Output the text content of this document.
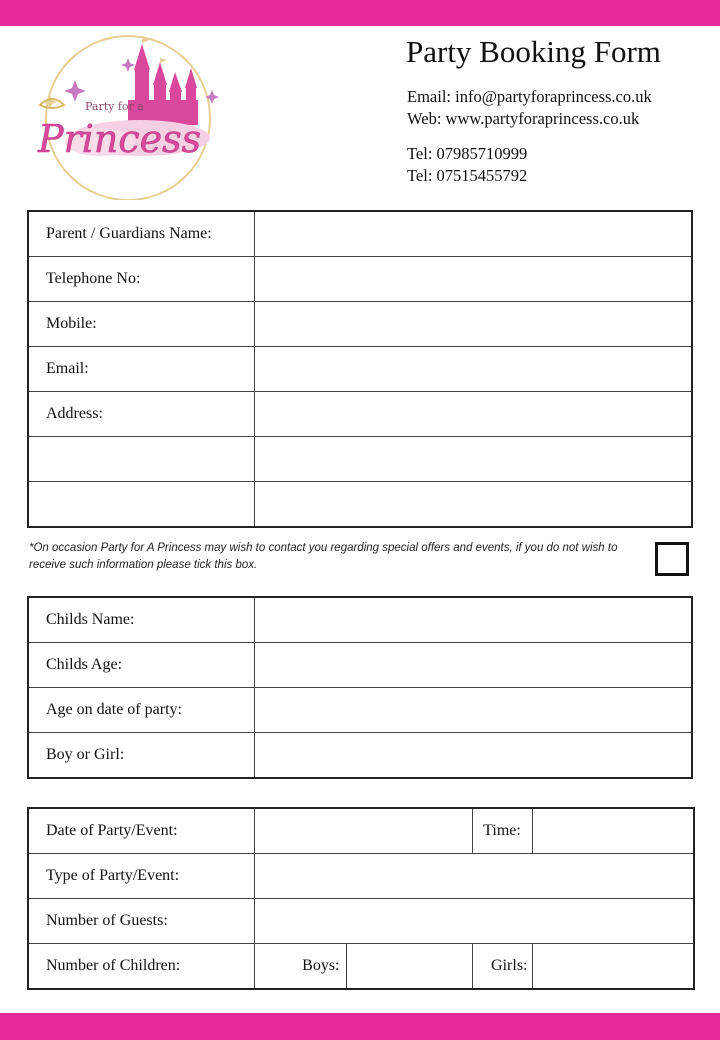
Party for a
Princess
Party Booking Form
Email: info@partyforaprincess.co.uk
Web: www.partyforaprincess.co.uk
Tel: 07985710999
Tel: 07515455792
Parent / Guardians Name:	
Telephone No:	
Mobile:	
Email:	
Address:	

*On occasion Party for A Princess may wish to contact you regarding special offers and events, if you do not wish to receive such information please tick this box.
Childs Name:	
Childs Age:	
Age on date of party:	
Boy or Girl:	
Date of Party/Event:			Time:	
Type of Party/Event:				
Number of Guests:				
Number of Children:	Boys:		Girls:	
